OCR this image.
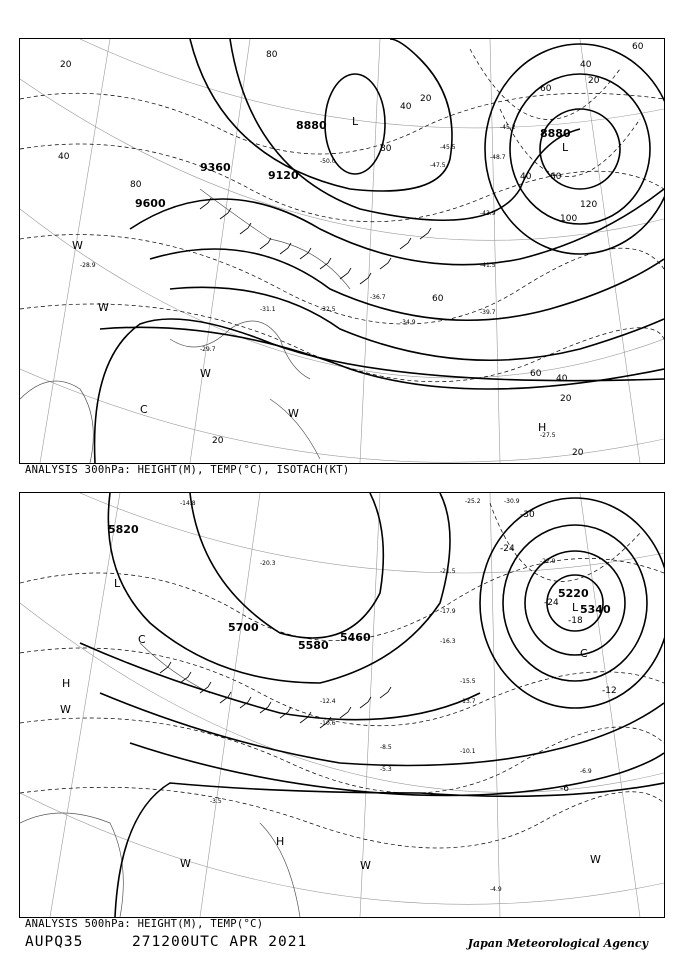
8880
8880
9360
9120
9600
80
60
40
20
60
40
20
100
120
80
40 60
80
60
60
40
20
20
20
40
20
-45.2
-48.7
-43.9
-41.5
-39.7
-36.7
-34.9
-32.5
-31.1
-29.7
-28.9
-27.5
-50.0
-47.5
-45.5
L
L
H
W
W
W
C	W
ANALYSIS 300hPa: HEIGHT(M), TEMP(°C), ISOTACH(KT)
5820
5700
5580
5460
5220
5340
-30
-24
-24
-18
-12
-6
-21.5
-17.9
-16.3
-15.5
-13.7
-10.1
-6.9
-5.3
-8.5
-3.5
-4.9
-14.8
-12.4
-10.6
-20.3	-22.9
-25.2	-30.9
L
L
H
H
C
C
W	W	W
W
ANALYSIS 500hPa: HEIGHT(M), TEMP(°C)
AUPQ35	271200UTC APR 2021	Japan Meteorological Agency
